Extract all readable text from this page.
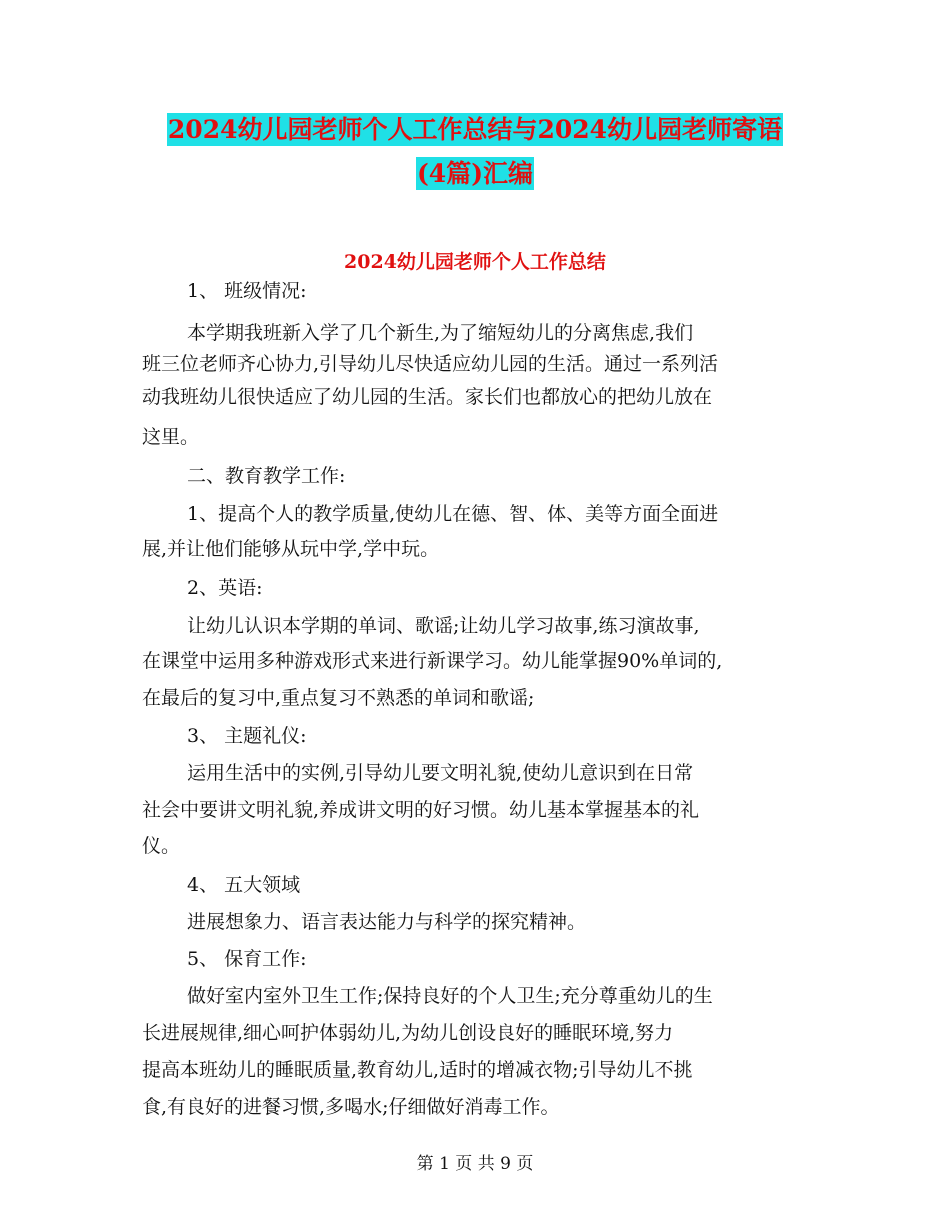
2024幼儿园老师个人工作总结与2024幼儿园老师寄语
(4篇)汇编
2024幼儿园老师个人工作总结
1、 班级情况:
本学期我班新入学了几个新生,为了缩短幼儿的分离焦虑,我们
班三位老师齐心协力,引导幼儿尽快适应幼儿园的生活。通过一系列活
动我班幼儿很快适应了幼儿园的生活。家长们也都放心的把幼儿放在
这里。
二、教育教学工作:
1、提高个人的教学质量,使幼儿在德、智、体、美等方面全面进
展,并让他们能够从玩中学,学中玩。
2、英语:
让幼儿认识本学期的单词、歌谣;让幼儿学习故事,练习演故事,
在课堂中运用多种游戏形式来进行新课学习。幼儿能掌握90%单词的,
在最后的复习中,重点复习不熟悉的单词和歌谣;
3、 主题礼仪:
运用生活中的实例,引导幼儿要文明礼貌,使幼儿意识到在日常
社会中要讲文明礼貌,养成讲文明的好习惯。幼儿基本掌握基本的礼
仪。
4、 五大领域
进展想象力、语言表达能力与科学的探究精神。
5、 保育工作:
做好室内室外卫生工作;保持良好的个人卫生;充分尊重幼儿的生
长进展规律,细心呵护体弱幼儿,为幼儿创设良好的睡眠环境,努力
提高本班幼儿的睡眠质量,教育幼儿,适时的增减衣物;引导幼儿不挑
食,有良好的进餐习惯,多喝水;仔细做好消毒工作。
第 1 页 共 9 页
